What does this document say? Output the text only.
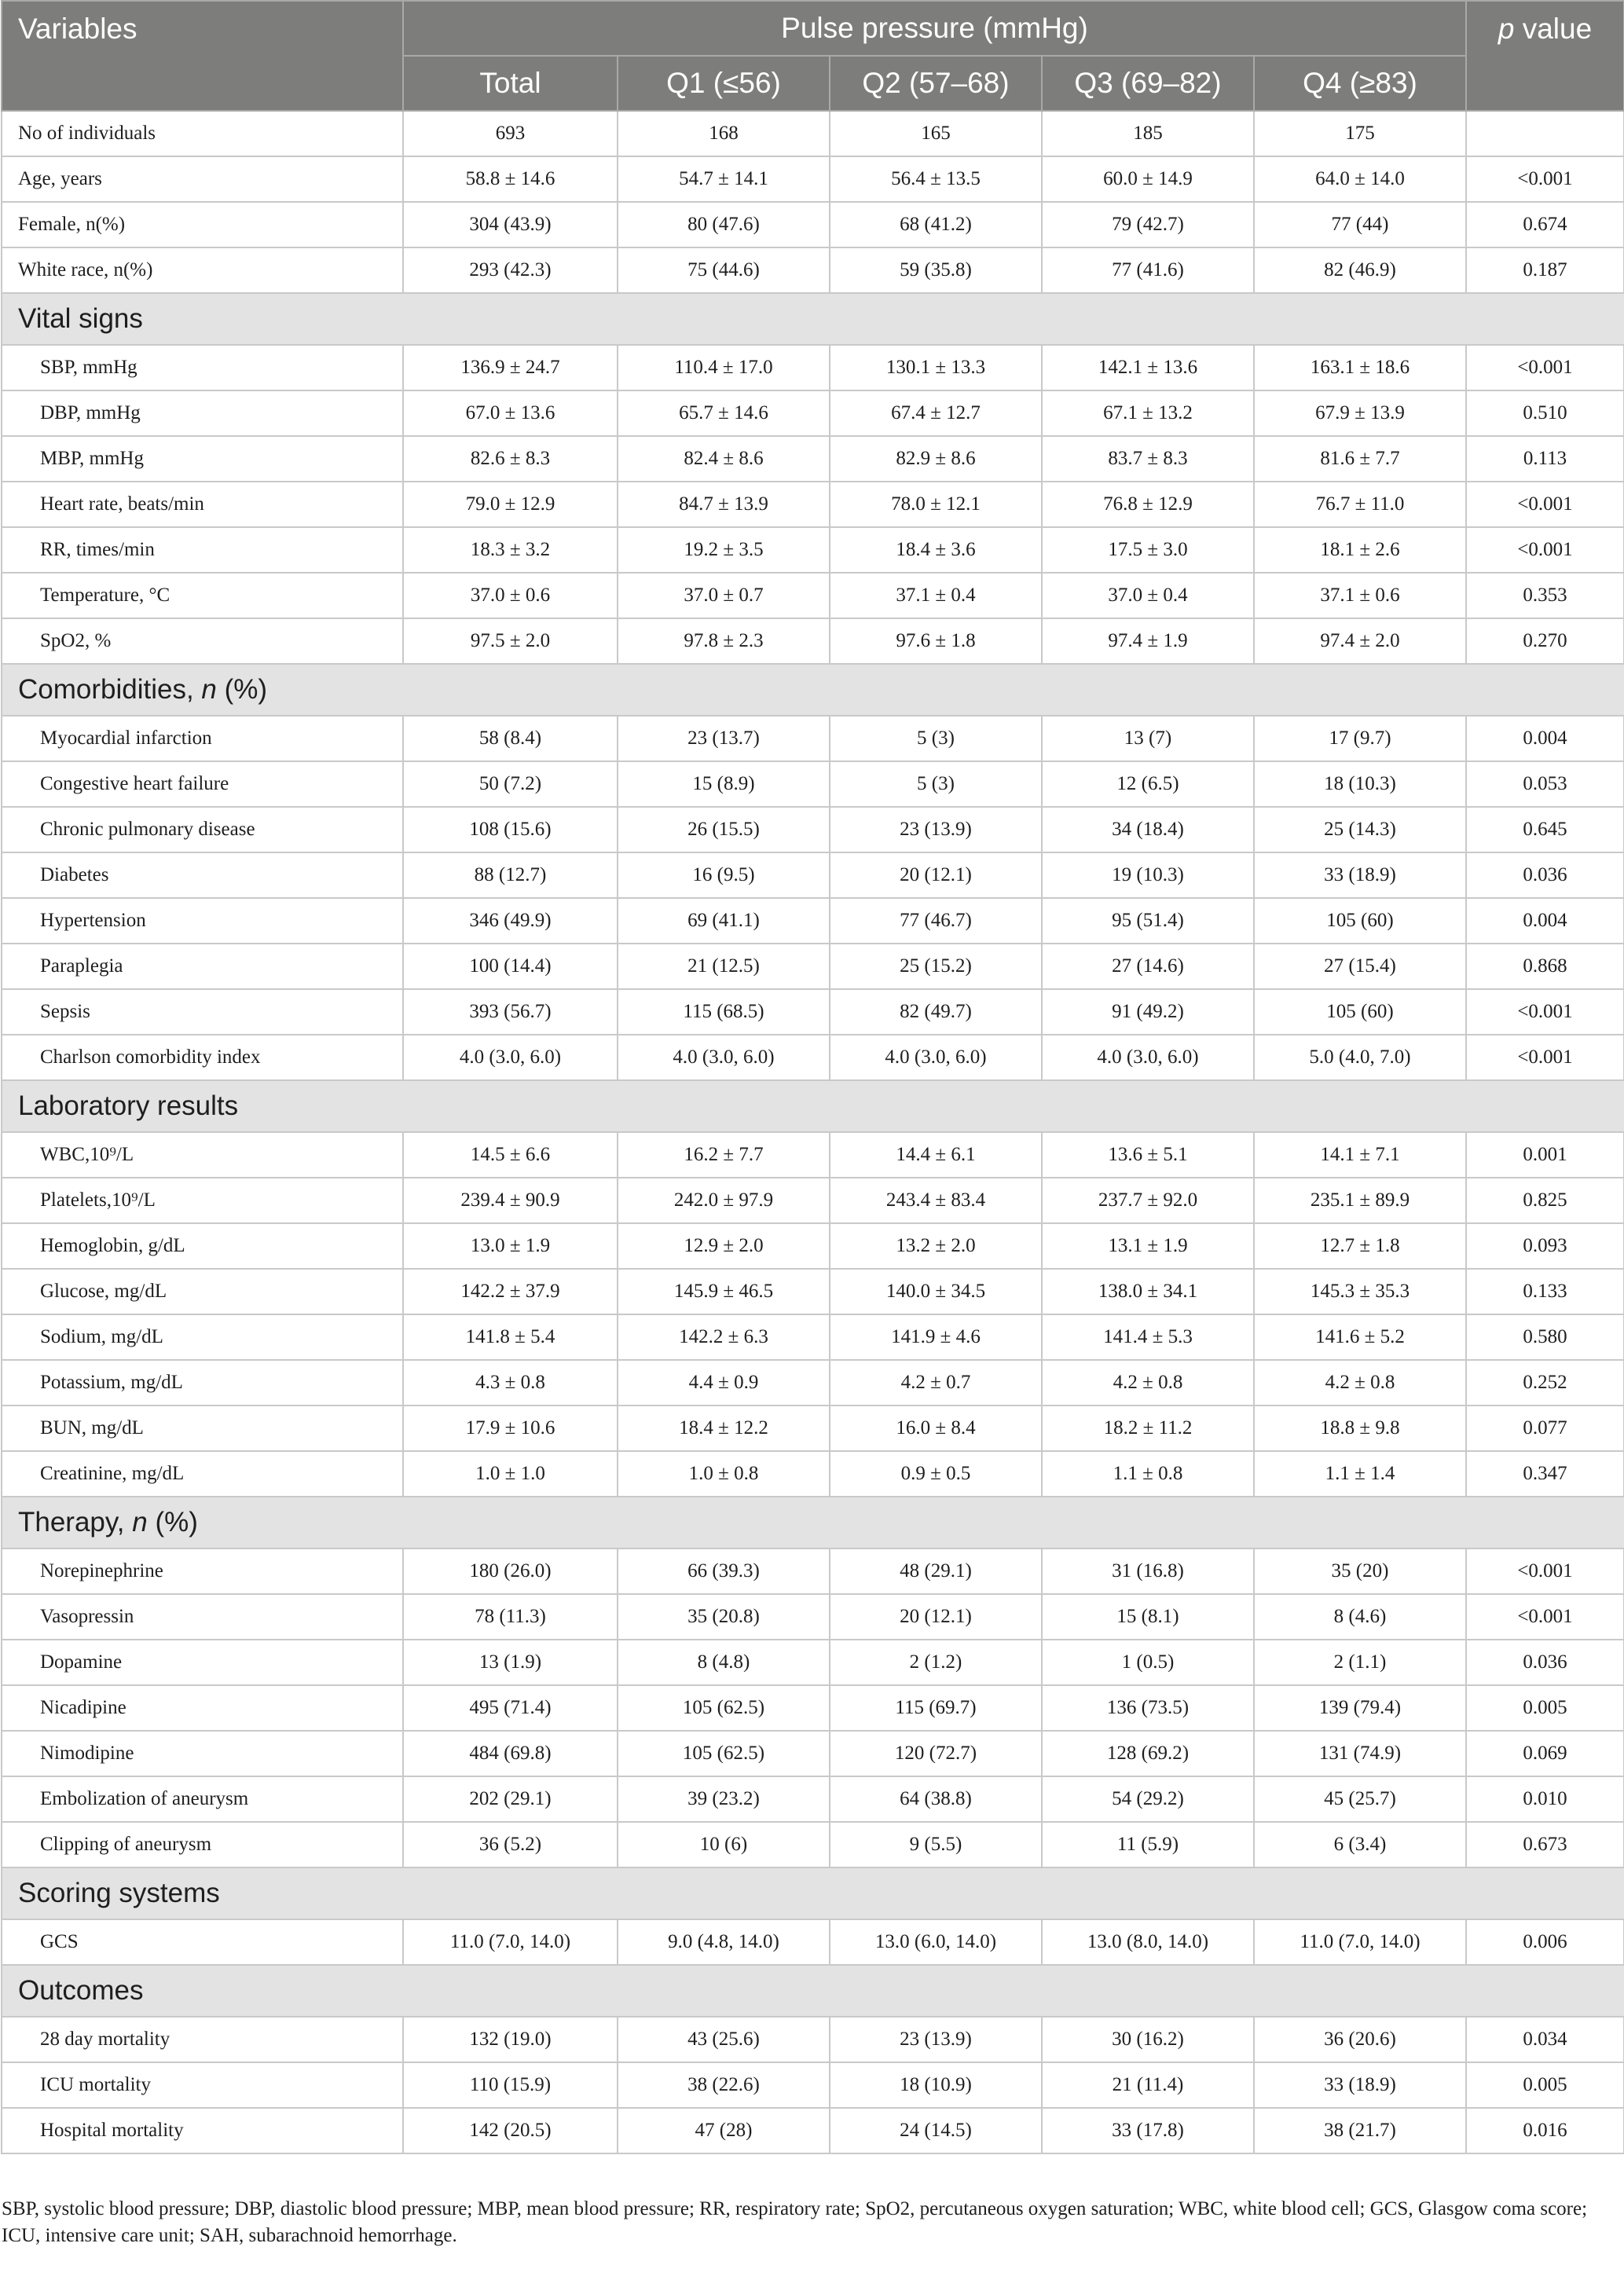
Variables	Pulse pressure (mmHg)					p value
	Total	Q1 (≤56)	Q2 (57–68)	Q3 (69–82)	Q4 (≥83)	
No of individuals	693	168	165	185	175	
Age, years	58.8 ± 14.6	54.7 ± 14.1	56.4 ± 13.5	60.0 ± 14.9	64.0 ± 14.0	<0.001
Female, n(%)	304 (43.9)	80 (47.6)	68 (41.2)	79 (42.7)	77 (44)	0.674
White race, n(%)	293 (42.3)	75 (44.6)	59 (35.8)	77 (41.6)	82 (46.9)	0.187
Vital signs						
SBP, mmHg	136.9 ± 24.7	110.4 ± 17.0	130.1 ± 13.3	142.1 ± 13.6	163.1 ± 18.6	<0.001
DBP, mmHg	67.0 ± 13.6	65.7 ± 14.6	67.4 ± 12.7	67.1 ± 13.2	67.9 ± 13.9	0.510
MBP, mmHg	82.6 ± 8.3	82.4 ± 8.6	82.9 ± 8.6	83.7 ± 8.3	81.6 ± 7.7	0.113
Heart rate, beats/min	79.0 ± 12.9	84.7 ± 13.9	78.0 ± 12.1	76.8 ± 12.9	76.7 ± 11.0	<0.001
RR, times/min	18.3 ± 3.2	19.2 ± 3.5	18.4 ± 3.6	17.5 ± 3.0	18.1 ± 2.6	<0.001
Temperature, °C	37.0 ± 0.6	37.0 ± 0.7	37.1 ± 0.4	37.0 ± 0.4	37.1 ± 0.6	0.353
SpO2, %	97.5 ± 2.0	97.8 ± 2.3	97.6 ± 1.8	97.4 ± 1.9	97.4 ± 2.0	0.270
Comorbidities, n (%)						
Myocardial infarction	58 (8.4)	23 (13.7)	5 (3)	13 (7)	17 (9.7)	0.004
Congestive heart failure	50 (7.2)	15 (8.9)	5 (3)	12 (6.5)	18 (10.3)	0.053
Chronic pulmonary disease	108 (15.6)	26 (15.5)	23 (13.9)	34 (18.4)	25 (14.3)	0.645
Diabetes	88 (12.7)	16 (9.5)	20 (12.1)	19 (10.3)	33 (18.9)	0.036
Hypertension	346 (49.9)	69 (41.1)	77 (46.7)	95 (51.4)	105 (60)	0.004
Paraplegia	100 (14.4)	21 (12.5)	25 (15.2)	27 (14.6)	27 (15.4)	0.868
Sepsis	393 (56.7)	115 (68.5)	82 (49.7)	91 (49.2)	105 (60)	<0.001
Charlson comorbidity index	4.0 (3.0, 6.0)	4.0 (3.0, 6.0)	4.0 (3.0, 6.0)	4.0 (3.0, 6.0)	5.0 (4.0, 7.0)	<0.001
Laboratory results						
WBC,10⁹/L	14.5 ± 6.6	16.2 ± 7.7	14.4 ± 6.1	13.6 ± 5.1	14.1 ± 7.1	0.001
Platelets,10⁹/L	239.4 ± 90.9	242.0 ± 97.9	243.4 ± 83.4	237.7 ± 92.0	235.1 ± 89.9	0.825
Hemoglobin, g/dL	13.0 ± 1.9	12.9 ± 2.0	13.2 ± 2.0	13.1 ± 1.9	12.7 ± 1.8	0.093
Glucose, mg/dL	142.2 ± 37.9	145.9 ± 46.5	140.0 ± 34.5	138.0 ± 34.1	145.3 ± 35.3	0.133
Sodium, mg/dL	141.8 ± 5.4	142.2 ± 6.3	141.9 ± 4.6	141.4 ± 5.3	141.6 ± 5.2	0.580
Potassium, mg/dL	4.3 ± 0.8	4.4 ± 0.9	4.2 ± 0.7	4.2 ± 0.8	4.2 ± 0.8	0.252
BUN, mg/dL	17.9 ± 10.6	18.4 ± 12.2	16.0 ± 8.4	18.2 ± 11.2	18.8 ± 9.8	0.077
Creatinine, mg/dL	1.0 ± 1.0	1.0 ± 0.8	0.9 ± 0.5	1.1 ± 0.8	1.1 ± 1.4	0.347
Therapy, n (%)						
Norepinephrine	180 (26.0)	66 (39.3)	48 (29.1)	31 (16.8)	35 (20)	<0.001
Vasopressin	78 (11.3)	35 (20.8)	20 (12.1)	15 (8.1)	8 (4.6)	<0.001
Dopamine	13 (1.9)	8 (4.8)	2 (1.2)	1 (0.5)	2 (1.1)	0.036
Nicadipine	495 (71.4)	105 (62.5)	115 (69.7)	136 (73.5)	139 (79.4)	0.005
Nimodipine	484 (69.8)	105 (62.5)	120 (72.7)	128 (69.2)	131 (74.9)	0.069
Embolization of aneurysm	202 (29.1)	39 (23.2)	64 (38.8)	54 (29.2)	45 (25.7)	0.010
Clipping of aneurysm	36 (5.2)	10 (6)	9 (5.5)	11 (5.9)	6 (3.4)	0.673
Scoring systems						
GCS	11.0 (7.0, 14.0)	9.0 (4.8, 14.0)	13.0 (6.0, 14.0)	13.0 (8.0, 14.0)	11.0 (7.0, 14.0)	0.006
Outcomes						
28 day mortality	132 (19.0)	43 (25.6)	23 (13.9)	30 (16.2)	36 (20.6)	0.034
ICU mortality	110 (15.9)	38 (22.6)	18 (10.9)	21 (11.4)	33 (18.9)	0.005
Hospital mortality	142 (20.5)	47 (28)	24 (14.5)	33 (17.8)	38 (21.7)	0.016
SBP, systolic blood pressure; DBP, diastolic blood pressure; MBP, mean blood pressure; RR, respiratory rate; SpO2, percutaneous oxygen saturation; WBC, white blood cell; GCS, Glasgow coma score; ICU, intensive care unit; SAH, subarachnoid hemorrhage.
